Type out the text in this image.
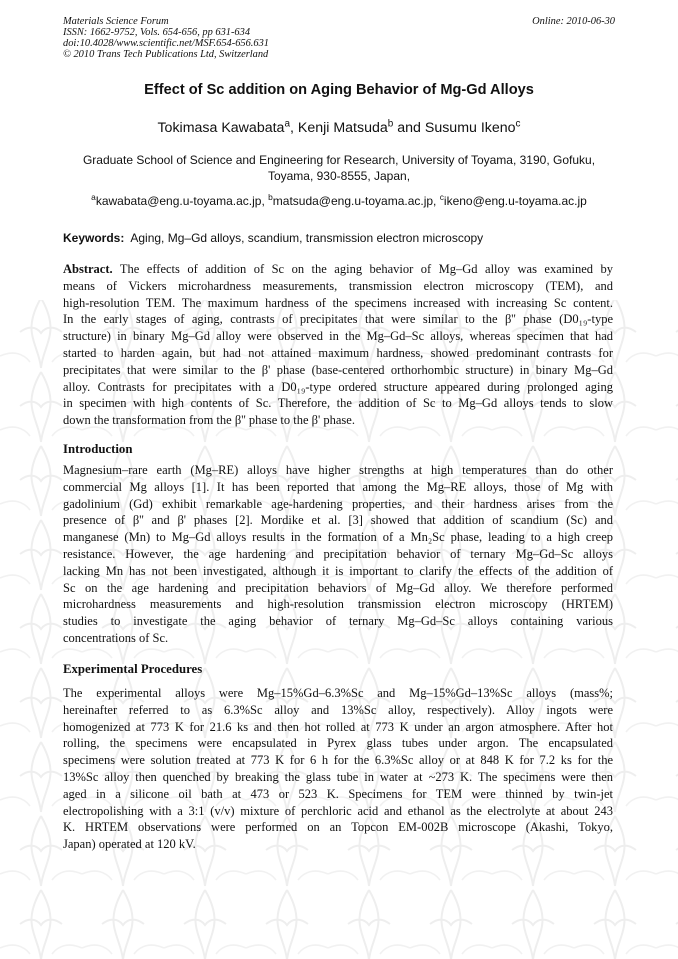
Materials Science Forum
ISSN: 1662-9752, Vols. 654-656, pp 631-634
doi:10.4028/www.scientific.net/MSF.654-656.631
© 2010 Trans Tech Publications Ltd, Switzerland
Online: 2010-06-30
Effect of Sc addition on Aging Behavior of Mg-Gd Alloys
Tokimasa Kawabata$^a$, Kenji Matsuda$^b$ and Susumu Ikeno$^c$
Graduate School of Science and Engineering for Research, University of Toyama, 3190, Gofuku,
Toyama, 930-8555, Japan,
$^a$kawabata@eng.u-toyama.ac.jp, $^b$matsuda@eng.u-toyama.ac.jp, $^c$ikeno@eng.u-toyama.ac.jp
Keywords: Aging, Mg–Gd alloys, scandium, transmission electron microscopy
Abstract. The effects of addition of Sc on the aging behavior of Mg–Gd alloy was examined by
means of Vickers microhardness measurements, transmission electron microscopy (TEM), and
high-resolution TEM. The maximum hardness of the specimens increased with increasing Sc content.
In the early stages of aging, contrasts of precipitates that were similar to the β'' phase (D0₁₉-type
structure) in binary Mg–Gd alloy were observed in the Mg–Gd–Sc alloys, whereas specimen that had
started to harden again, but had not attained maximum hardness, showed predominant contrasts for
precipitates that were similar to the β' phase (base-centered orthorhombic structure) in binary Mg–Gd
alloy. Contrasts for precipitates with a D0₁₉-type ordered structure appeared during prolonged aging
in specimen with high contents of Sc. Therefore, the addition of Sc to Mg–Gd alloys tends to slow
down the transformation from the β'' phase to the β' phase.
Introduction
Magnesium–rare earth (Mg–RE) alloys have higher strengths at high temperatures than do other
commercial Mg alloys [1]. It has been reported that among the Mg–RE alloys, those of Mg with
gadolinium (Gd) exhibit remarkable age-hardening properties, and their hardness arises from the
presence of β'' and β' phases [2]. Mordike et al. [3] showed that addition of scandium (Sc) and
manganese (Mn) to Mg–Gd alloys results in the formation of a Mn₂Sc phase, leading to a high creep
resistance. However, the age hardening and precipitation behavior of ternary Mg–Gd–Sc alloys
lacking Mn has not been investigated, although it is important to clarify the effects of the addition of
Sc on the age hardening and precipitation behaviors of Mg–Gd alloy. We therefore performed
microhardness measurements and high-resolution transmission electron microscopy (HRTEM)
studies to investigate the aging behavior of ternary Mg–Gd–Sc alloys containing various
concentrations of Sc.
Experimental Procedures
The experimental alloys were Mg–15%Gd–6.3%Sc and Mg–15%Gd–13%Sc alloys (mass%;
hereinafter referred to as 6.3%Sc alloy and 13%Sc alloy, respectively). Alloy ingots were
homogenized at 773 K for 21.6 ks and then hot rolled at 773 K under an argon atmosphere. After hot
rolling, the specimens were encapsulated in Pyrex glass tubes under argon. The encapsulated
specimens were solution treated at 773 K for 6 h for the 6.3%Sc alloy or at 848 K for 7.2 ks for the
13%Sc alloy then quenched by breaking the glass tube in water at ~273 K. The specimens were then
aged in a silicone oil bath at 473 or 523 K. Specimens for TEM were thinned by twin-jet
electropolishing with a 3:1 (v/v) mixture of perchloric acid and ethanol as the electrolyte at about 243
K. HRTEM observations were performed on an Topcon EM-002B microscope (Akashi, Tokyo,
Japan) operated at 120 kV.
